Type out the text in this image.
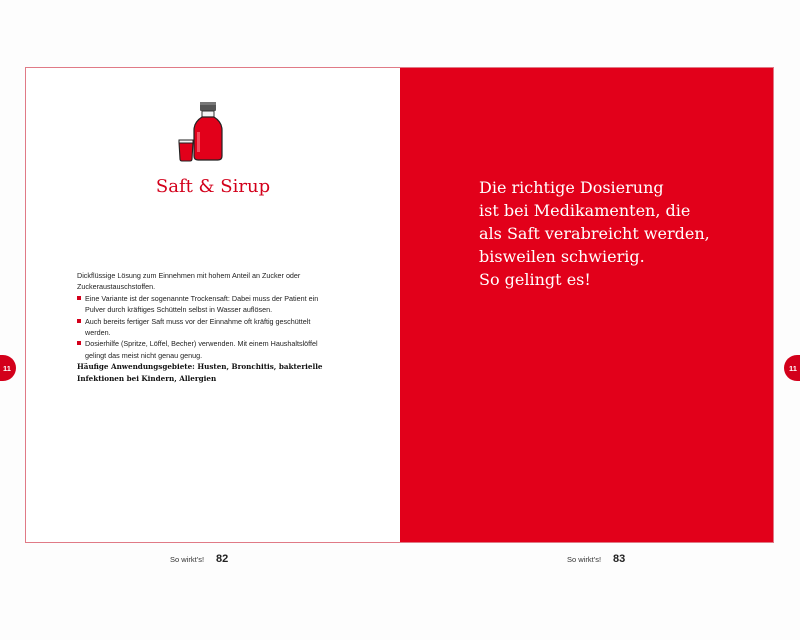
Saft & Sirup

Dickflüssige Lösung zum Einnehmen mit hohem Anteil an Zucker oder Zuckeraustauschstoffen.

Eine Variante ist der sogenannte Trockensaft: Dabei muss der Patient ein Pulver durch kräftiges Schütteln selbst in Wasser auflösen.
Auch bereits fertiger Saft muss vor der Einnahme oft kräftig geschüttelt werden.
Dosierhilfe (Spritze, Löffel, Becher) verwenden. Mit einem Haushaltslöffel gelingt das meist nicht genau genug.

Häufige Anwendungsgebiete: Husten, Bronchitis, bakterielle Infektionen bei Kindern, Allergien

Die richtige Dosierung
ist bei Medikamenten, die
als Saft verabreicht werden,
bisweilen schwierig.
So gelingt es!

11	11
So wirkt’s! 82	So wirkt’s! 83
